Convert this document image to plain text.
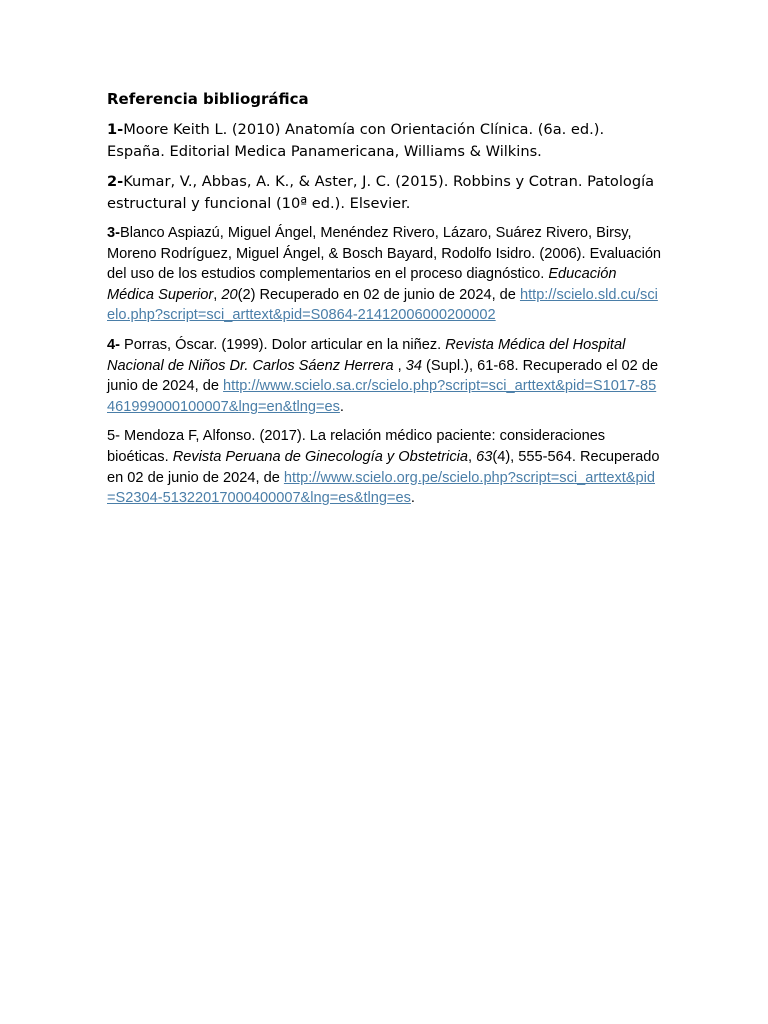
Referencia bibliográfica
1-Moore Keith L. (2010) Anatomía con Orientación Clínica. (6a. ed.). España. Editorial Medica Panamericana, Williams & Wilkins.
2-Kumar, V., Abbas, A. K., & Aster, J. C. (2015). Robbins y Cotran. Patología estructural y funcional (10ª ed.). Elsevier.
3-Blanco Aspiazú, Miguel Ángel, Menéndez Rivero, Lázaro, Suárez Rivero, Birsy, Moreno Rodríguez, Miguel Ángel, & Bosch Bayard, Rodolfo Isidro. (2006). Evaluación del uso de los estudios complementarios en el proceso diagnóstico. Educación Médica Superior, 20(2) Recuperado en 02 de junio de 2024, de http://scielo.sld.cu/scielo.php?script=sci_arttext&pid=S0864-21412006000200002
4- Porras, Óscar. (1999). Dolor articular en la niñez. Revista Médica del Hospital Nacional de Niños Dr. Carlos Sáenz Herrera , 34 (Supl.), 61-68. Recuperado el 02 de junio de 2024, de http://www.scielo.sa.cr/scielo.php?script=sci_arttext&pid=S1017-85461999000100007&lng=en&tlng=es.
5- Mendoza F, Alfonso. (2017). La relación médico paciente: consideraciones bioéticas. Revista Peruana de Ginecología y Obstetricia, 63(4), 555-564. Recuperado en 02 de junio de 2024, de http://www.scielo.org.pe/scielo.php?script=sci_arttext&pid=S2304-51322017000400007&lng=es&tlng=es.
